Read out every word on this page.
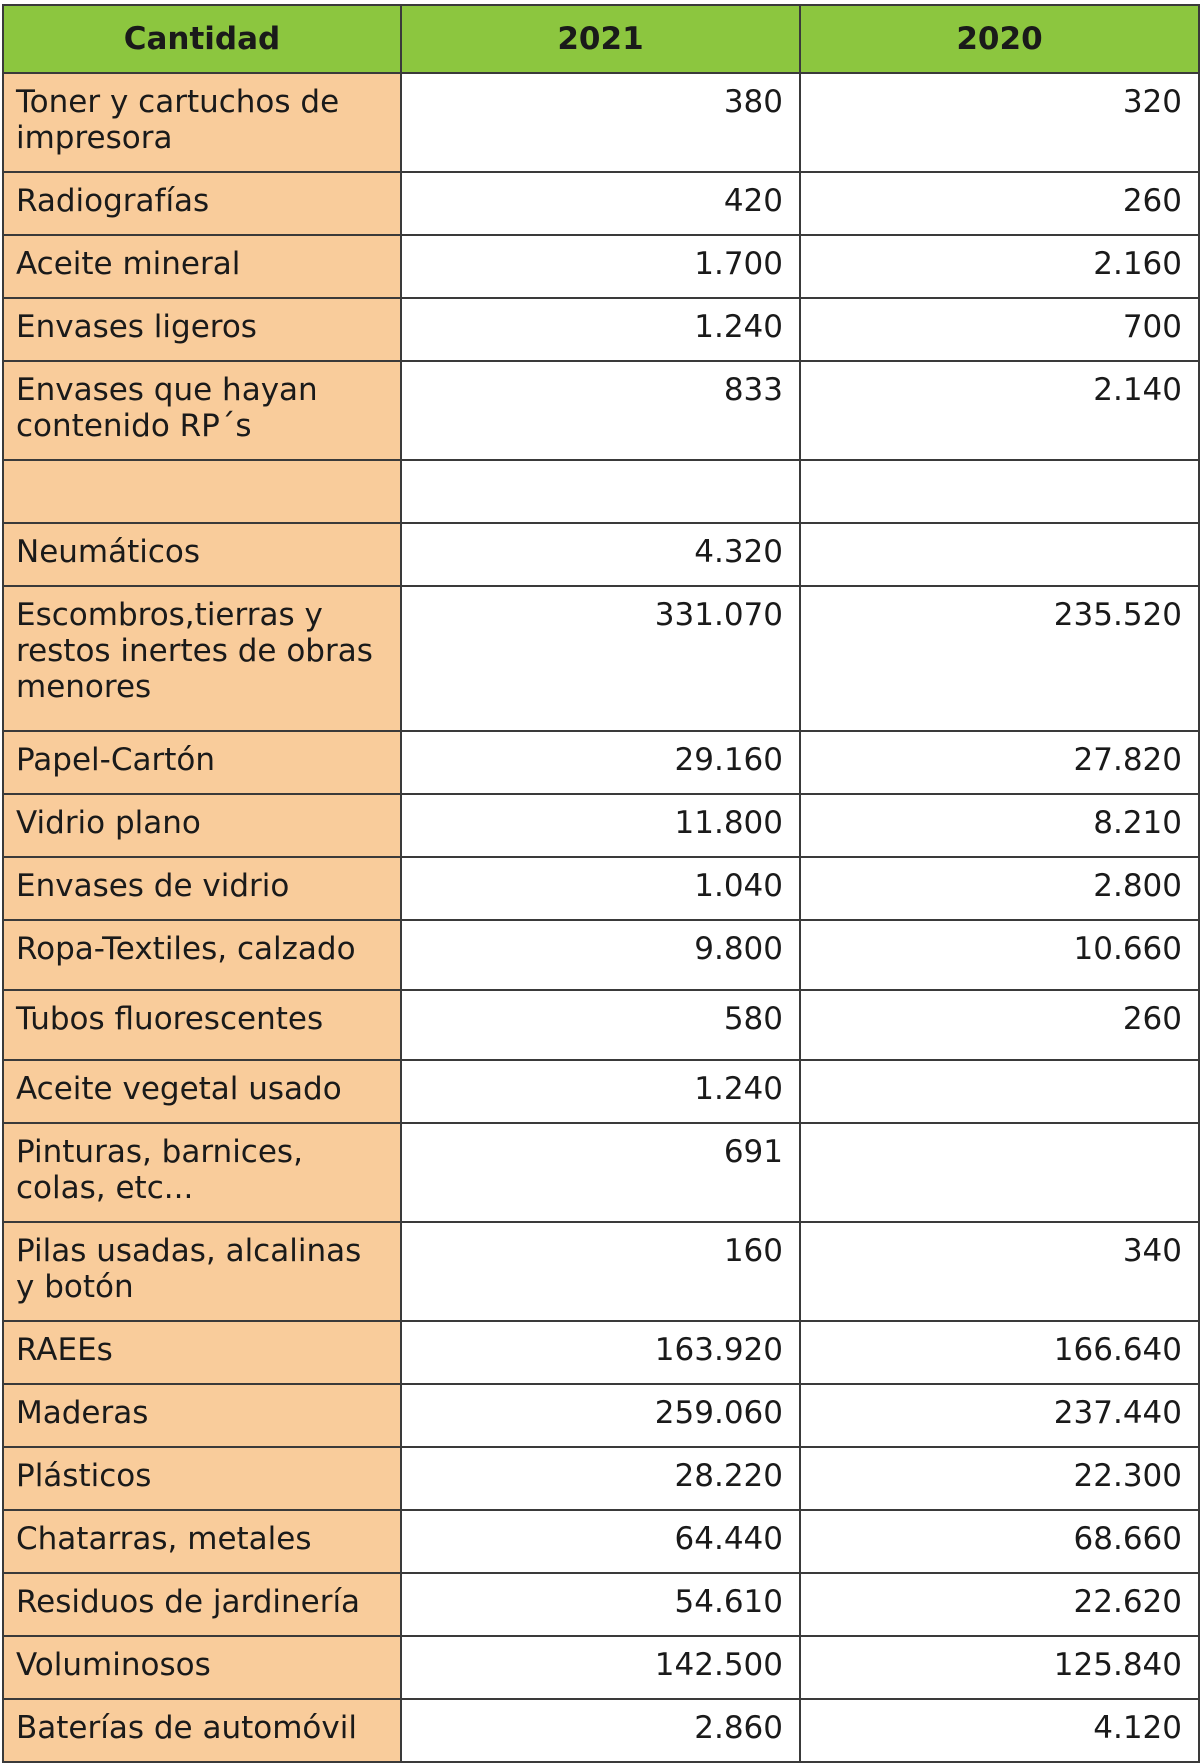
Cantidad	2021	2020
Toner y cartuchos de impresora	380	320
Radiografías	420	260
Aceite mineral	1.700	2.160
Envases ligeros	1.240	700
Envases que hayan contenido RP´s	833	2.140

Neumáticos	4.320	
Escombros,tierras y restos inertes de obras menores	331.070	235.520
Papel-Cartón	29.160	27.820
Vidrio plano	11.800	8.210
Envases de vidrio	1.040	2.800
Ropa-Textiles, calzado	9.800	10.660
Tubos fluorescentes	580	260
Aceite vegetal usado	1.240	
Pinturas, barnices, colas, etc...	691	
Pilas usadas, alcalinas y botón	160	340
RAEEs	163.920	166.640
Maderas	259.060	237.440
Plásticos	28.220	22.300
Chatarras, metales	64.440	68.660
Residuos de jardinería	54.610	22.620
Voluminosos	142.500	125.840
Baterías de automóvil	2.860	4.120
